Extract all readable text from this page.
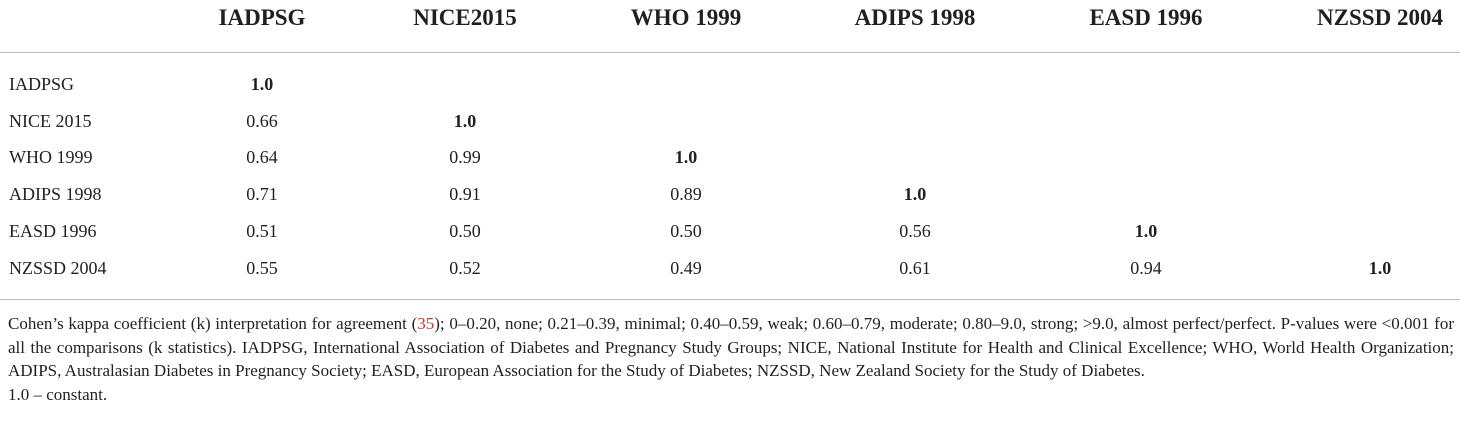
IADPSG	NICE2015	WHO 1999	ADIPS 1998	EASD 1996	NZSSD 2004
IADPSG	1.0
NICE 2015	0.66	1.0
WHO 1999	0.64	0.99	1.0
ADIPS 1998	0.71	0.91	0.89	1.0
EASD 1996	0.51	0.50	0.50	0.56	1.0
NZSSD 2004	0.55	0.52	0.49	0.61	0.94	1.0

Cohen’s kappa coefficient (k) interpretation for agreement (35); 0–0.20, none; 0.21–0.39, minimal; 0.40–0.59, weak; 0.60–0.79, moderate; 0.80–9.0, strong; >9.0, almost perfect/perfect. P-values were <0.001 for all the comparisons (k statistics). IADPSG, International Association of Diabetes and Pregnancy Study Groups; NICE, National Institute for Health and Clinical Excellence; WHO, World Health Organization; ADIPS, Australasian Diabetes in Pregnancy Society; EASD, European Association for the Study of Diabetes; NZSSD, New Zealand Society for the Study of Diabetes.

1.0 – constant.
